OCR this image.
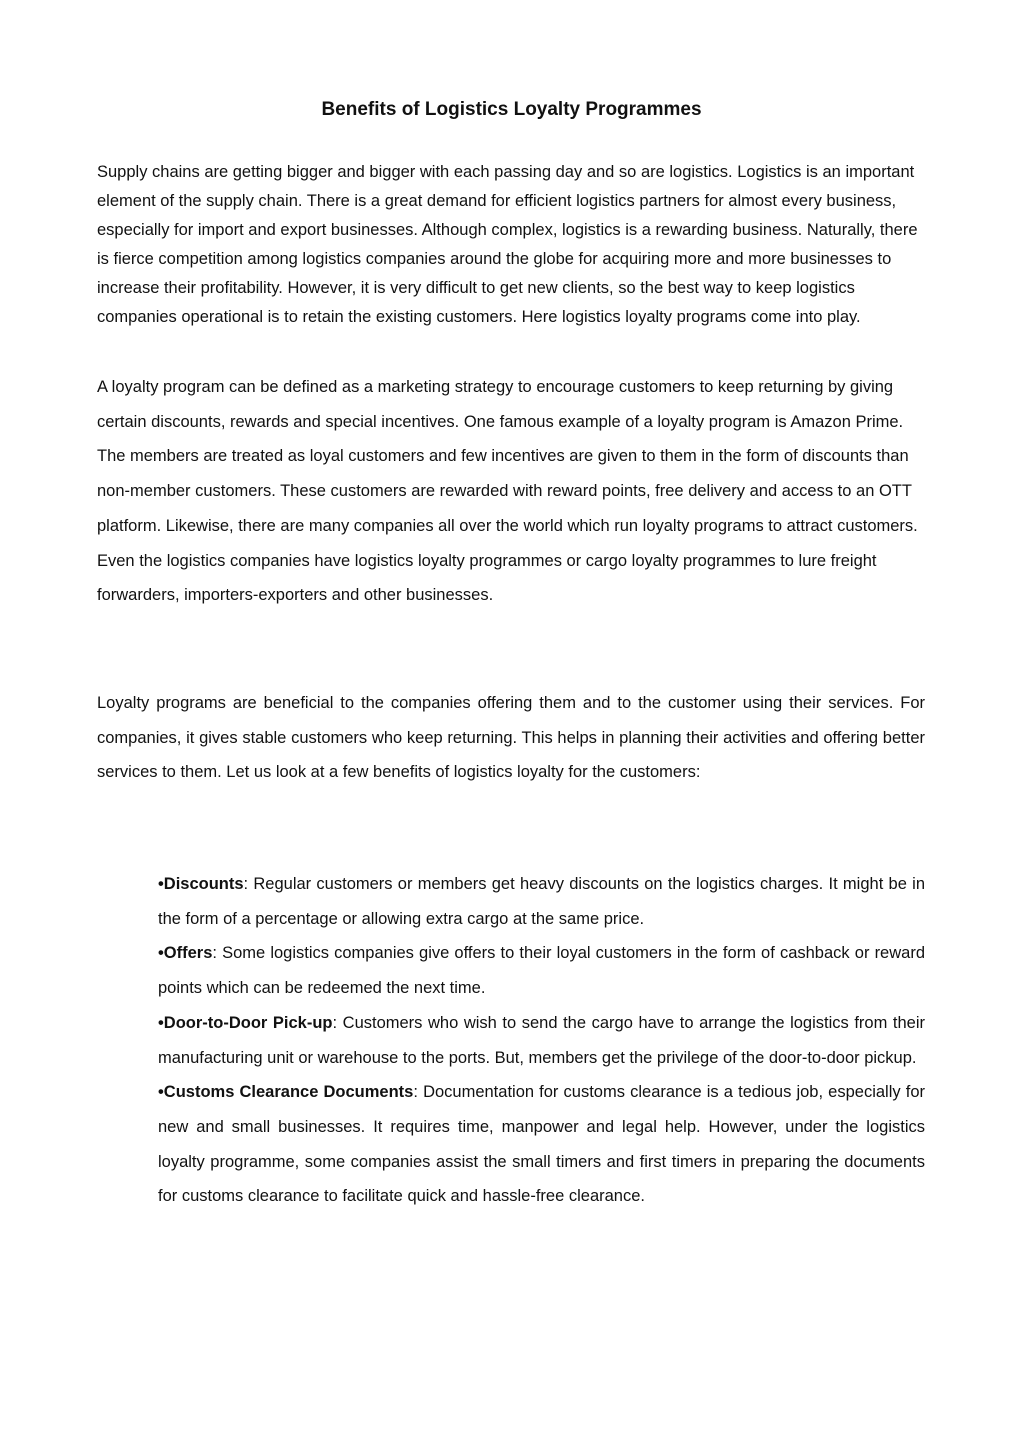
Benefits of Logistics Loyalty Programmes

Supply chains are getting bigger and bigger with each passing day and so are logistics. Logistics is an important element of the supply chain. There is a great demand for efficient logistics partners for almost every business, especially for import and export businesses. Although complex, logistics is a rewarding business. Naturally, there is fierce competition among logistics companies around the globe for acquiring more and more businesses to increase their profitability. However, it is very difficult to get new clients, so the best way to keep logistics companies operational is to retain the existing customers. Here logistics loyalty programs come into play.

A loyalty program can be defined as a marketing strategy to encourage customers to keep returning by giving certain discounts, rewards and special incentives. One famous example of a loyalty program is Amazon Prime. The members are treated as loyal customers and few incentives are given to them in the form of discounts than non-member customers. These customers are rewarded with reward points, free delivery and access to an OTT platform. Likewise, there are many companies all over the world which run loyalty programs to attract customers. Even the logistics companies have logistics loyalty programmes or cargo loyalty programmes to lure freight forwarders, importers-exporters and other businesses.

Loyalty programs are beneficial to the companies offering them and to the customer using their services. For companies, it gives stable customers who keep returning. This helps in planning their activities and offering better services to them. Let us look at a few benefits of logistics loyalty for the customers:

•Discounts: Regular customers or members get heavy discounts on the logistics charges. It might be in the form of a percentage or allowing extra cargo at the same price.
•Offers: Some logistics companies give offers to their loyal customers in the form of cashback or reward points which can be redeemed the next time.
•Door-to-Door Pick-up: Customers who wish to send the cargo have to arrange the logistics from their manufacturing unit or warehouse to the ports. But, members get the privilege of the door-to-door pickup.
•Customs Clearance Documents: Documentation for customs clearance is a tedious job, especially for new and small businesses. It requires time, manpower and legal help. However, under the logistics loyalty programme, some companies assist the small timers and first timers in preparing the documents for customs clearance to facilitate quick and hassle-free clearance.
